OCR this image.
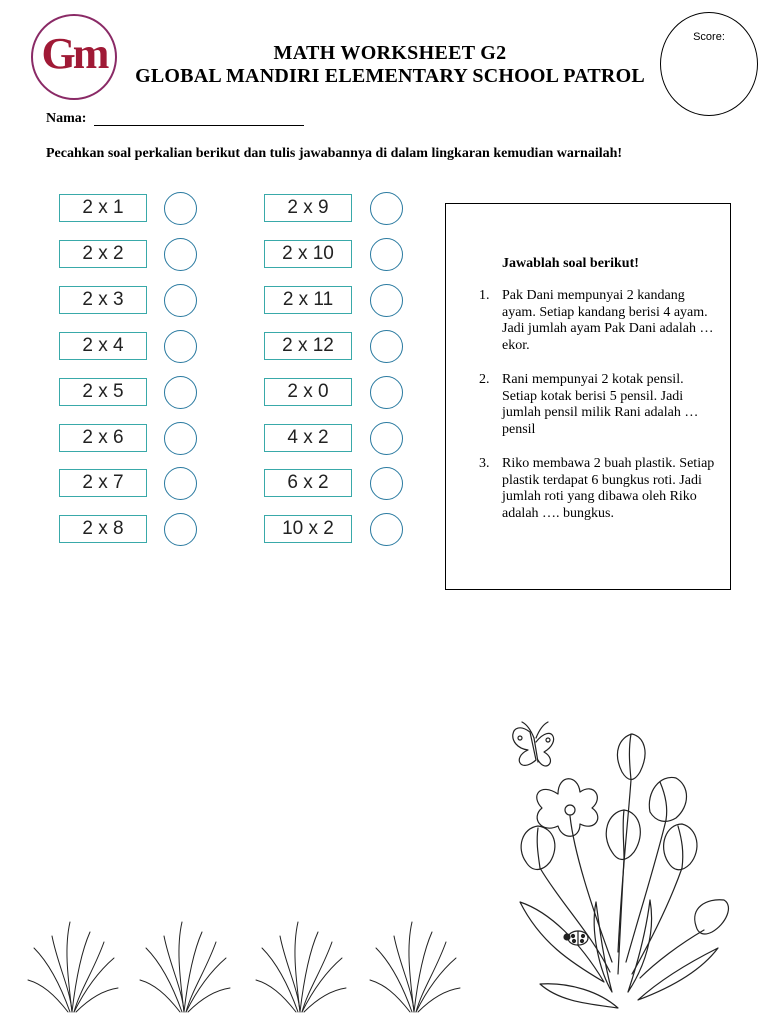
Gm	MATH WORKSHEET G2
GLOBAL MANDIRI ELEMENTARY SCHOOL PATROL
Score:
Nama:
Pecahkan soal perkalian berikut dan tulis jawabannya di dalam lingkaran kemudian warnailah!
2 x 1
2 x 2
2 x 3
2 x 4
2 x 5
2 x 6
2 x 7
2 x 8
2 x 9
2 x 10
2 x 11
2 x 12
2 x 0
4 x 2
6 x 2
10 x 2
Jawablah soal berikut!
1. Pak Dani mempunyai 2 kandang ayam. Setiap kandang berisi 4 ayam. Jadi jumlah ayam Pak Dani adalah … ekor.
2. Rani mempunyai 2 kotak pensil. Setiap kotak berisi 5 pensil. Jadi jumlah pensil milik Rani adalah … pensil
3. Riko membawa 2 buah plastik. Setiap plastik terdapat 6 bungkus roti. Jadi jumlah roti yang dibawa oleh Riko adalah …. bungkus.
